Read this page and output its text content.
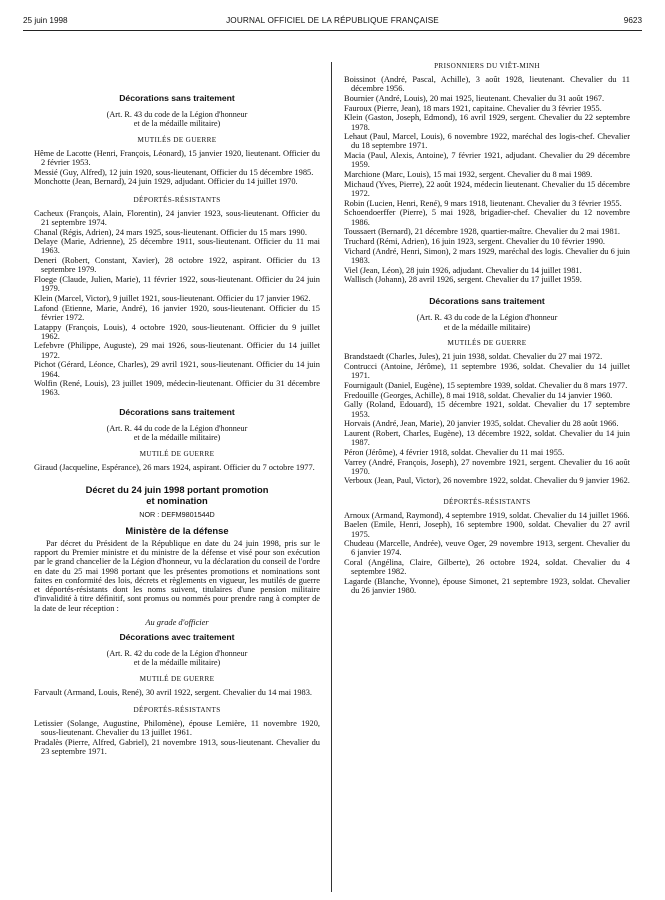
25 juin 1998	JOURNAL OFFICIEL DE LA RÉPUBLIQUE FRANÇAISE	9623
Décorations sans traitement
(Art. R. 43 du code de la Légion d'honneur
et de la médaille militaire)
MUTILÉS DE GUERRE
Hême de Lacotte (Henri, François, Léonard), 15 janvier 1920, lieutenant. Officier du 2 février 1953.
Messié (Guy, Alfred), 12 juin 1920, sous-lieutenant, Officier du 15 décembre 1985.
Monchotte (Jean, Bernard), 24 juin 1929, adjudant. Officier du 14 juillet 1970.
DÉPORTÉS-RÉSISTANTS
Cacheux (François, Alain, Florentin), 24 janvier 1923, sous-lieutenant. Officier du 21 septembre 1974.
Chanal (Régis, Adrien), 24 mars 1925, sous-lieutenant. Officier du 15 mars 1990.
Delaye (Marie, Adrienne), 25 décembre 1911, sous-lieutenant. Officier du 11 mai 1963.
Deneri (Robert, Constant, Xavier), 28 octobre 1922, aspirant. Officier du 13 septembre 1979.
Floege (Claude, Julien, Marie), 11 février 1922, sous-lieutenant. Officier du 24 juin 1979.
Klein (Marcel, Victor), 9 juillet 1921, sous-lieutenant. Officier du 17 janvier 1962.
Lafond (Etienne, Marie, André), 16 janvier 1920, sous-lieutenant. Officier du 15 février 1972.
Latappy (François, Louis), 4 octobre 1920, sous-lieutenant. Officier du 9 juillet 1962.
Lefebvre (Philippe, Auguste), 29 mai 1926, sous-lieutenant. Officier du 14 juillet 1972.
Pichot (Gérard, Léonce, Charles), 29 avril 1921, sous-lieutenant. Officier du 14 juin 1964.
Wolfin (René, Louis), 23 juillet 1909, médecin-lieutenant. Officier du 31 décembre 1963.
Décorations sans traitement
(Art. R. 44 du code de la Légion d'honneur
et de la médaille militaire)
MUTILÉ DE GUERRE
Giraud (Jacqueline, Espérance), 26 mars 1924, aspirant. Officier du 7 octobre 1977.
Décret du 24 juin 1998 portant promotion
et nomination
NOR : DEFM9801544D
Ministère de la défense
Par décret du Président de la République en date du 24 juin 1998, pris sur le rapport du Premier ministre et du ministre de la défense et visé pour son exécution par le grand chancelier de la Légion d'honneur, vu la déclaration du conseil de l'ordre en date du 25 mai 1998 portant que les présentes promotions et nominations sont faites en conformité des lois, décrets et règlements en vigueur, les mutilés de guerre et déportés-résistants dont les noms suivent, titulaires d'une pension militaire d'invalidité à titre définitif, sont promus ou nommés pour prendre rang à compter de la date de leur réception :
Au grade d'officier
Décorations avec traitement
(Art. R. 42 du code de la Légion d'honneur
et de la médaille militaire)
MUTILÉ DE GUERRE
Farvault (Armand, Louis, René), 30 avril 1922, sergent. Chevalier du 14 mai 1983.
DÉPORTÉS-RÉSISTANTS
Letissier (Solange, Augustine, Philomène), épouse Lemière, 11 novembre 1920, sous-lieutenant. Chevalier du 13 juillet 1961.
Pradalès (Pierre, Alfred, Gabriel), 21 novembre 1913, sous-lieutenant. Chevalier du 23 septembre 1971.
PRISONNIERS DU VIÊT-MINH
Boissinot (André, Pascal, Achille), 3 août 1928, lieutenant. Chevalier du 11 décembre 1956.
Bournier (André, Louis), 20 mai 1925, lieutenant. Chevalier du 31 août 1967.
Fauroux (Pierre, Jean), 18 mars 1921, capitaine. Chevalier du 3 février 1955.
Klein (Gaston, Joseph, Edmond), 16 avril 1929, sergent. Chevalier du 22 septembre 1978.
Lehaut (Paul, Marcel, Louis), 6 novembre 1922, maréchal des logis-chef. Chevalier du 18 septembre 1971.
Macia (Paul, Alexis, Antoine), 7 février 1921, adjudant. Chevalier du 29 décembre 1959.
Marchione (Marc, Louis), 15 mai 1932, sergent. Chevalier du 8 mai 1989.
Michaud (Yves, Pierre), 22 août 1924, médecin lieutenant. Chevalier du 15 décembre 1972.
Robin (Lucien, Henri, René), 9 mars 1918, lieutenant. Chevalier du 3 février 1955.
Schoendoerffer (Pierre), 5 mai 1928, brigadier-chef. Chevalier du 12 novembre 1986.
Toussaert (Bernard), 21 décembre 1928, quartier-maître. Chevalier du 2 mai 1981.
Truchard (Rémi, Adrien), 16 juin 1923, sergent. Chevalier du 10 février 1990.
Vichard (André, Henri, Simon), 2 mars 1929, maréchal des logis. Chevalier du 6 juin 1983.
Viel (Jean, Léon), 28 juin 1926, adjudant. Chevalier du 14 juillet 1981.
Wallisch (Johann), 28 avril 1926, sergent. Chevalier du 17 juillet 1959.
Décorations sans traitement
(Art. R. 43 du code de la Légion d'honneur
et de la médaille militaire)
MUTILÉS DE GUERRE
Brandstaedt (Charles, Jules), 21 juin 1938, soldat. Chevalier du 27 mai 1972.
Contrucci (Antoine, Jérôme), 11 septembre 1936, soldat. Chevalier du 14 juillet 1971.
Fournigault (Daniel, Eugène), 15 septembre 1939, soldat. Chevalier du 8 mars 1977.
Fredouille (Georges, Achille), 8 mai 1918, soldat. Chevalier du 14 janvier 1960.
Gally (Roland, Edouard), 15 décembre 1921, soldat. Chevalier du 17 septembre 1953.
Horvais (André, Jean, Marie), 20 janvier 1935, soldat. Chevalier du 28 août 1966.
Laurent (Robert, Charles, Eugène), 13 décembre 1922, soldat. Chevalier du 14 juin 1987.
Péron (Jérôme), 4 février 1918, soldat. Chevalier du 11 mai 1955.
Varrey (André, François, Joseph), 27 novembre 1921, sergent. Chevalier du 16 août 1970.
Verboux (Jean, Paul, Victor), 26 novembre 1922, soldat. Chevalier du 9 janvier 1962.
DÉPORTÉS-RÉSISTANTS
Arnoux (Armand, Raymond), 4 septembre 1919, soldat. Chevalier du 14 juillet 1966.
Baelen (Emile, Henri, Joseph), 16 septembre 1900, soldat. Chevalier du 27 avril 1975.
Chudeau (Marcelle, Andrée), veuve Oger, 29 novembre 1913, sergent. Chevalier du 6 janvier 1974.
Coral (Angélina, Claire, Gilberte), 26 octobre 1924, soldat. Chevalier du 4 septembre 1982.
Lagarde (Blanche, Yvonne), épouse Simonet, 21 septembre 1923, soldat. Chevalier du 26 janvier 1980.
